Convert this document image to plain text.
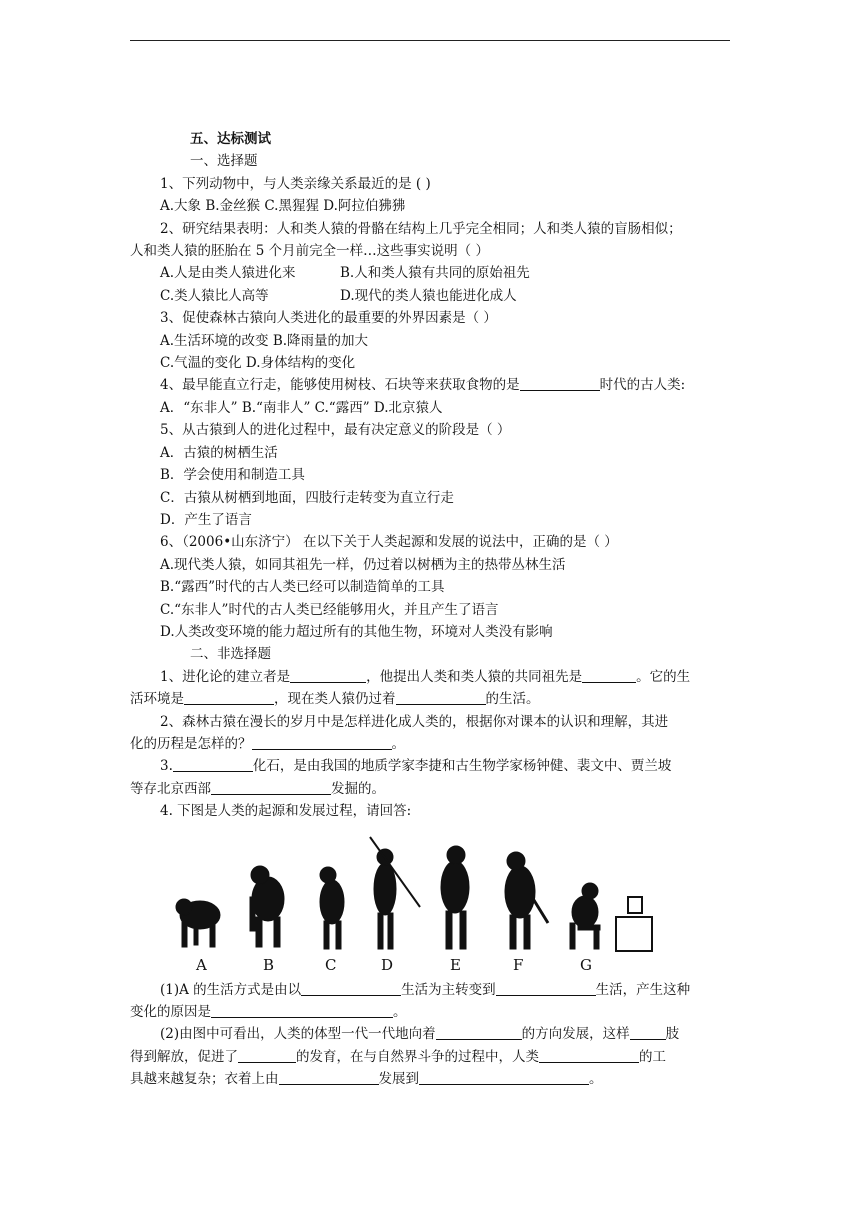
五、达标测试
一、选择题
1、下列动物中，与人类亲缘关系最近的是 ( )
A.大象 B.金丝猴 C.黑猩猩 D.阿拉伯狒狒
2、研究结果表明：人和类人猿的骨骼在结构上几乎完全相同；人和类人猿的盲肠相似；
人和类人猿的胚胎在 5 个月前完全一样…这些事实说明（ ）
A.人是由类人猿进化来	B.人和类人猿有共同的原始祖先
C.类人猿比人高等	D.现代的类人猿也能进化成人
3、促使森林古猿向人类进化的最重要的外界因素是（ ）
A.生活环境的改变 B.降雨量的加大
C.气温的变化 D.身体结构的变化
4、最早能直立行走，能够使用树枝、石块等来获取食物的是	时代的古人类:
A．“东非人” B.“南非人” C.“露西” D.北京猿人
5、从古猿到人的进化过程中，最有决定意义的阶段是（ ）
A．古猿的树栖生活
B．学会使用和制造工具
C．古猿从树栖到地面，四肢行走转变为直立行走
D．产生了语言
6、（2006•山东济宁） 在以下关于人类起源和发展的说法中，正确的是（ ）
A.现代类人猿，如同其祖先一样，仍过着以树栖为主的热带丛林生活
B.“露西”时代的古人类已经可以制造简单的工具
C.“东非人”时代的古人类已经能够用火，并且产生了语言
D.人类改变环境的能力超过所有的其他生物，环境对人类没有影响
二、非选择题
1、进化论的建立者是	，他提出人类和类人猿的共同祖先是	。它的生
活环境是	，现在类人猿仍过着	的生活。
2、森林古猿在漫长的岁月中是怎样进化成人类的，根据你对课本的认识和理解，其进
化的历程是怎样的？	。
3.	化石，是由我国的地质学家李捷和古生物学家杨钟健、裴文中、贾兰坡
等存北京西部	发掘的。
4. 下图是人类的起源和发展过程，请回答:
A	B	C	D	E	F	G
(1)A 的生活方式是由以	生活为主转变到	生活，产生这种
变化的原因是	。
(2)由图中可看出，人类的体型一代一代地向着	的方向发展，这样	肢
得到解放，促进了	的发育，在与自然界斗争的过程中，人类	的工
具越来越复杂；衣着上由	发展到	。
